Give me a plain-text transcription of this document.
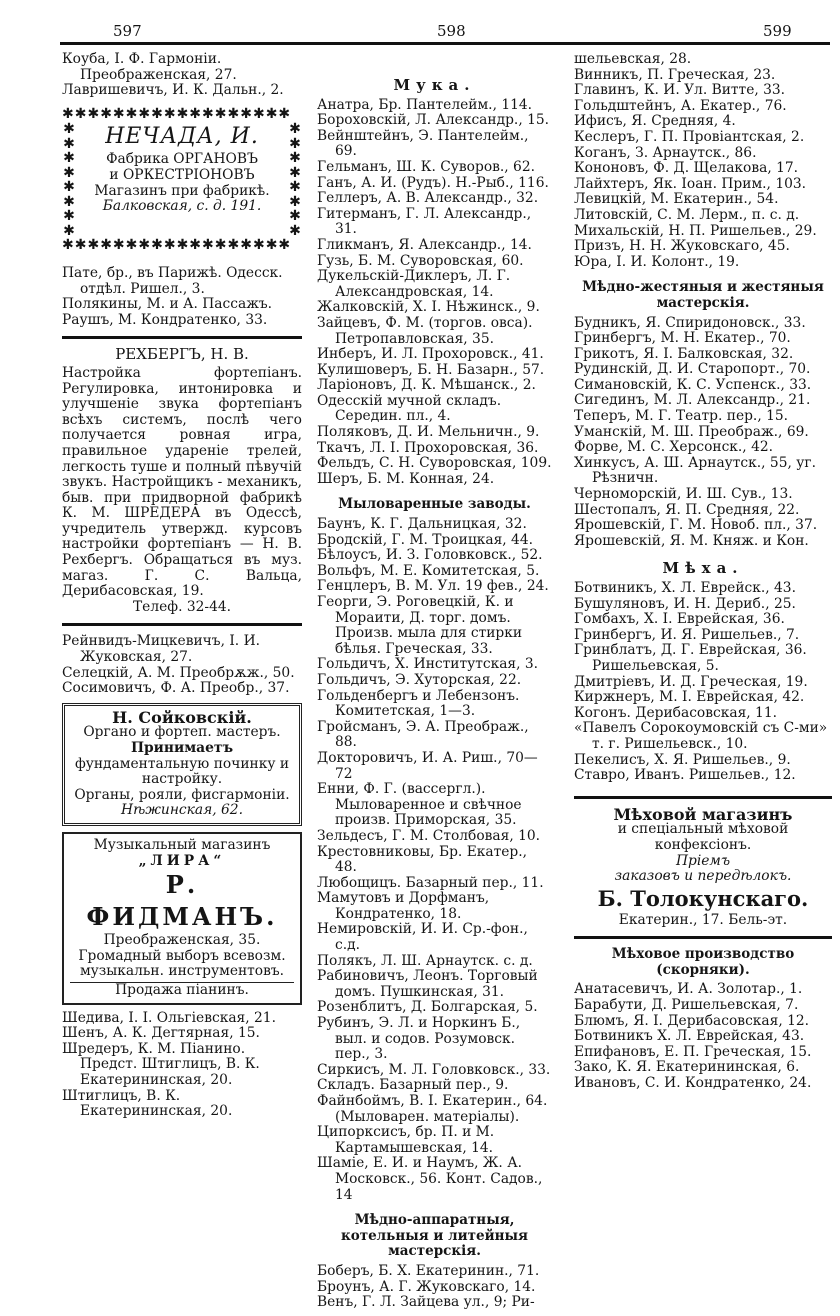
597	598	599

Коуба, I. Ф. Гармоніи. Преображенская, 27.

Лавришевичъ, И. К. Дальн., 2.

✱✱✱✱✱✱✱✱✱✱✱✱✱✱✱✱✱✱
✱
✱
✱
✱
✱
✱
✱
✱
НЕЧАДА, И.
Фабрика ОРГАНОВЪ
и ОРКЕСТРІОНОВЪ
Магазинъ при фабрикѣ.
Балковская, с. д. 191.
✱
✱
✱
✱
✱
✱
✱
✱
✱✱✱✱✱✱✱✱✱✱✱✱✱✱✱✱✱✱

Пате, бр., въ Парижѣ. Одесск. отдѣл. Ришел., 3.

Полякины, М. и А. Пассажъ.

Раушъ, М. Кондратенко, 33.

РЕХБЕРГЪ, Н. В.
Настройка фортепіанъ. Регулировка, интонировка и улучшеніе звука фортепіанъ всѣхъ системъ, послѣ чего получается ровная игра, правильное удареніе трелей, легкость туше и полный пѣвучій звукъ. Настройщикъ - механикъ, быв. при придворной фабрикѣ К. М. ШРЕДЕРА въ Одессѣ, учредитель утвержд. курсовъ настройки фортепіанъ — Н. В. Рехбергъ. Обращаться въ муз. магаз. Г. С. Вальца, Дерибасовская, 19.
Телеф. 32-44.

Рейнвидъ-Мицкевичъ, I. И. Жуковская, 27.

Селецкій, А. М. Преобрѫж., 50.

Сосимовичъ, Ф. А. Преобр., 37.

Н. Сойковскій.
Органо и фортеп. мастеръ.
Принимаетъ
фундаментальную починку и настройку.
Органы, рояли, фисгармоніи.
Нѣжинская, 62.
Музыкальный магазинъ
„ЛИРА“
Р. ФИДМАНЪ.
Преображенская, 35.
Громадный выборъ всевозм. музыкальн. инструментовъ.
Продажа піанинъ.

Шедива, I. I. Ольгіевская, 21.

Шенъ, А. К. Дегтярная, 15.

Шредеръ, К. М. Піанино. Предст. Штиглицъ, В. К. Екатерининская, 20.

Штиглицъ, В. К. Екатерининская, 20.

Мука.

Анатра, Бр. Пантелейм., 114.

Бороховскій, Л. Александр., 15.

Вейнштейнъ, Э. Пантелейм., 69.

Гельманъ, Ш. К. Суворов., 62.

Ганъ, А. И. (Рудъ). Н.-Рыб., 116.

Геллеръ, А. В. Александр., 32.

Гитерманъ, Г. Л. Александр., 31.

Гликманъ, Я. Александр., 14.

Гузь, Б. М. Суворовская, 60.

Дукельскій-Диклеръ, Л. Г. Александровская, 14.

Жалковскій, Х. I. Нѣжинск., 9.

Зайцевъ, Ф. М. (торгов. овса). Петропавловская, 35.

Инберъ, И. Л. Прохоровск., 41.

Кулишоверъ, Б. Н. Базарн., 57.

Ларіоновъ, Д. К. Мѣшанск., 2.

Одесскій мучной складъ. Середин. пл., 4.

Поляковъ, Д. И. Мельничн., 9.

Ткачъ, Л. I. Прохоровская, 36.

Фельдъ, С. Н. Суворовская, 109.

Шеръ, Б. М. Конная, 24.

Мыловаренные заводы.

Баунъ, К. Г. Дальницкая, 32.

Бродскій, Г. М. Троицкая, 44.

Бѣлоусъ, И. З. Головковск., 52.

Вольфъ, М. Е. Комитетская, 5.

Генцлеръ, В. М. Ул. 19 фев., 24.

Георги, Э. Роговецкій, К. и Мораити, Д. торг. домъ. Произв. мыла для стирки бѣлья. Греческая, 33.

Гольдичъ, Х. Институтская, 3.

Гольдичъ, Э. Хуторская, 22.

Гольденбергъ и Лебензонъ. Комитетская, 1—3.

Гройсманъ, Э. А. Преображ., 88.

Докторовичъ, И. А. Риш., 70—72

Енни, Ф. Г. (вассергл.). Мыловаренное и свѣчное произв. Приморская, 35.

Зельдесъ, Г. М. Столбовая, 10.

Крестовниковы, Бр. Екатер., 48.

Любощицъ. Базарный пер., 11.

Мамутовъ и Дорфманъ, Кондратенко, 18.

Немировскій, И. И. Ср.-фон., с.д.

Полякъ, Л. Ш. Арнаутск. с. д.

Рабиновичъ, Леонъ. Торговый домъ. Пушкинская, 31.

Розенблитъ, Д. Болгарская, 5.

Рубинъ, Э. Л. и Норкинъ Б., выл. и содов. Розумовск. пер., 3.

Сиркисъ, М. Л. Головковск., 33.

Складъ. Базарный пер., 9.

Файнбоймъ, В. I. Екатерин., 64. (Мыловарен. матеріалы).

Ципорксисъ, бр. П. и М. Картамышевская, 14.

Шамie, Е. И. и Наумъ, Ж. А. Московск., 56. Конт. Садов., 14

Мѣдно-аппаратныя, котельныя и литейныя мастерскія.

Боберъ, Б. Х. Екатеринин., 71.

Броунъ, А. Г. Жуковскаго, 14.

Венъ, Г. Л. Зайцева ул., 9; Ри-

шельевская, 28.

Винникъ, П. Греческая, 23.

Главинъ, К. И. Ул. Витте, 33.

Гольдштейнъ, А. Екатер., 76.

Ифисъ, Я. Средняя, 4.

Кеслеръ, Г. П. Провіантская, 2.

Коганъ, З. Арнаутск., 86.

Кононовъ, Ф. Д. Щелакова, 17.

Лайхтеръ, Як. Іоан. Прим., 103.

Левицкій, М. Екатерин., 54.

Литовскій, С. М. Лерм., п. с. д.

Михальскій, Н. П. Ришельев., 29.

Призъ, Н. Н. Жуковскаго, 45.

Юра, I. И. Колонт., 19.

Мѣдно-жестяныя и жестяныя мастерскія.

Будникъ, Я. Спиридоновск., 33.

Гринбергъ, М. Н. Екатер., 70.

Грикотъ, Я. I. Балковская, 32.

Рудинскій, Д. И. Старопорт., 70.

Симановскій, К. С. Успенск., 33.

Сигединъ, М. Л. Александр., 21.

Теперъ, М. Г. Театр. пер., 15.

Уманскій, М. Ш. Преображ., 69.

Форве, М. С. Херсонск., 42.

Хинкусъ, А. Ш. Арнаутск., 55, уг. Рѣзничн.

Черноморскій, И. Ш. Сув., 13.

Шестопалъ, Я. П. Средняя, 22.

Ярошевскій, Г. М. Новоб. пл., 37.

Ярошевскій, Я. М. Княж. и Кон.

Мѣха.

Ботвиникъ, Х. Л. Еврейск., 43.

Бушуляновъ, И. Н. Дериб., 25.

Гомбахъ, Х. I. Еврейская, 36.

Гринбергъ, И. Я. Ришельев., 7.

Гринблатъ, Д. Г. Еврейская, 36. Ришельевская, 5.

Дмитріевъ, И. Д. Греческая, 19.

Киржнеръ, М. I. Еврейская, 42.

Когонъ. Дерибасовская, 11.

«Павелъ Сорокоумовскій съ С-ми» т. г. Ришельевск., 10.

Пекелисъ, Х. Я. Ришельев., 9.

Ставро, Иванъ. Ришельев., 12.

Мѣховой магазинъ
и спеціальный мѣховой конфексіонъ.
Пріемъ
заказовъ и передѣлокъ.
Б. Толокунскаго.
Екатерин., 17. Бель-эт.
Мѣховое производство (скорняки).

Анатасевичъ, И. А. Золотар., 1.

Барабути, Д. Ришельевская, 7.

Блюмъ, Я. I. Дерибасовская, 12.

Ботвиникъ Х. Л. Еврейская, 43.

Епифановъ, Е. П. Греческая, 15.

Зако, К. Я. Екатерининская, 6.

Ивановъ, С. И. Кондратенко, 24.
